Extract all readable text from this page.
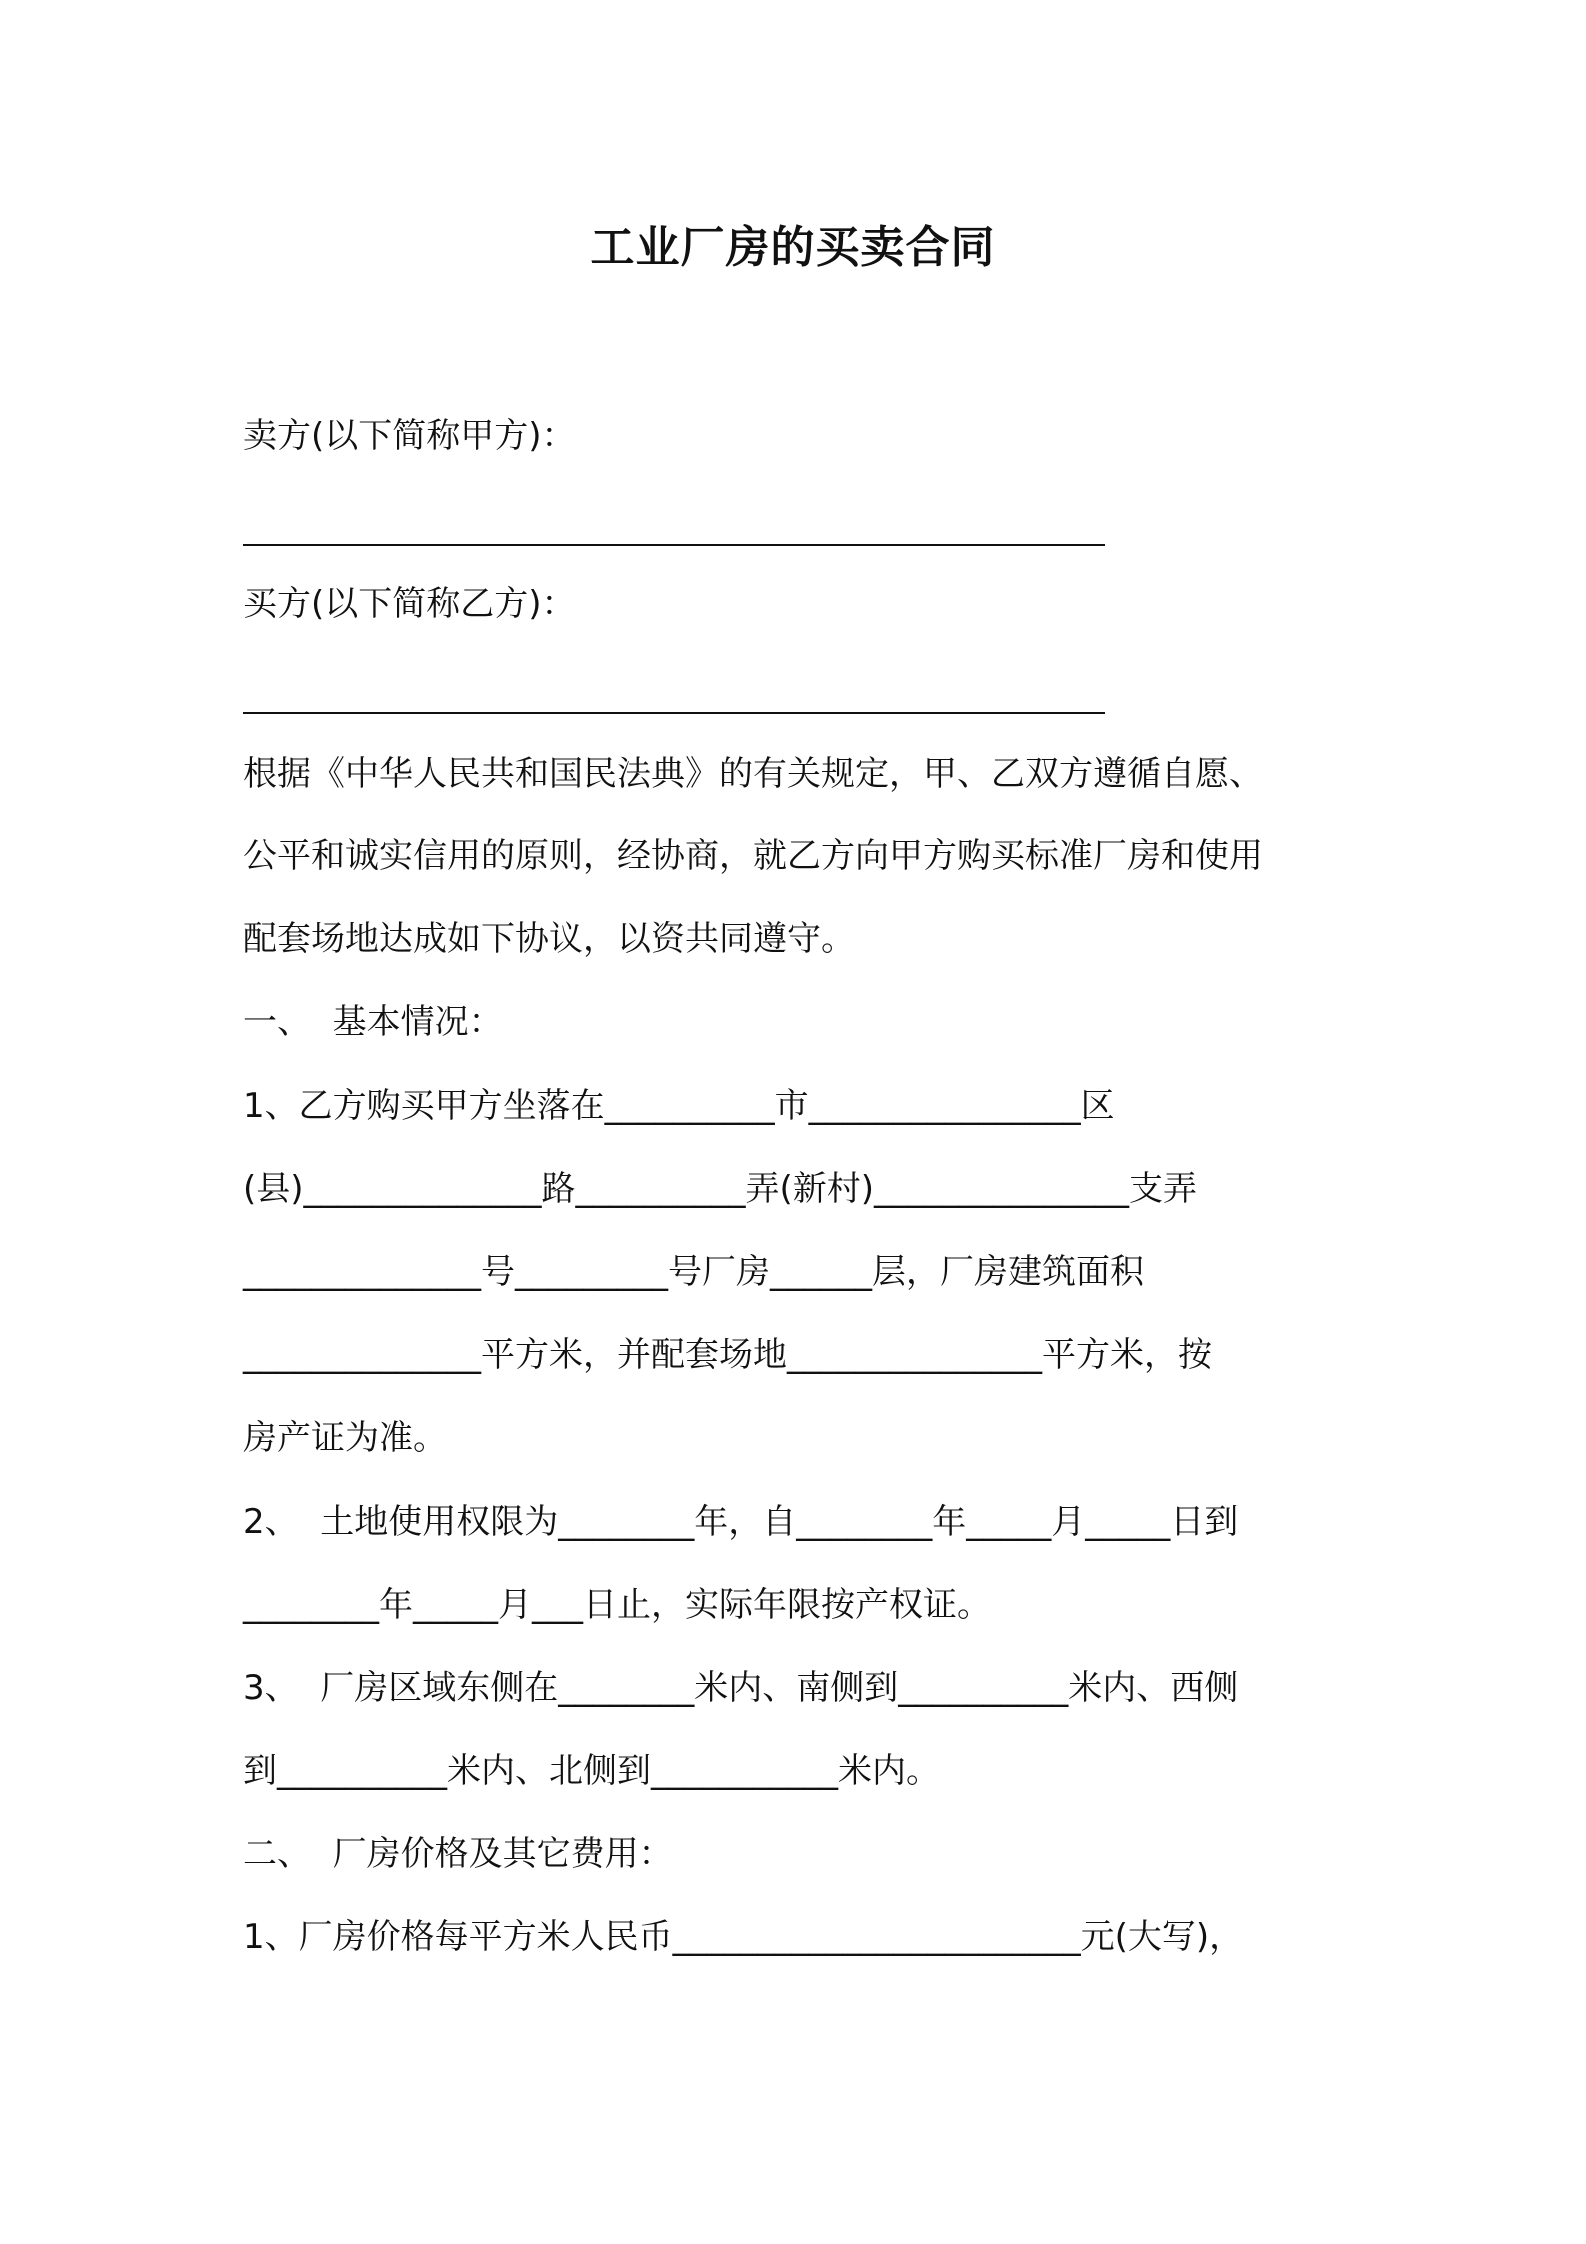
工业厂房的买卖合同

卖方(以下简称甲方)：

买方(以下简称乙方)：

根据《中华人民共和国民法典》的有关规定，甲、乙双方遵循自愿、

公平和诚实信用的原则，经协商，就乙方向甲方购买标准厂房和使用

配套场地达成如下协议，以资共同遵守。

一、  基本情况：

1、乙方购买甲方坐落在__________市________________区

(县)______________路__________弄(新村)_______________支弄

______________号_________号厂房______层，厂房建筑面积

______________平方米，并配套场地_______________平方米，按

房产证为准。

2、  土地使用权限为________年，自________年_____月_____日到

________年_____月___日止，实际年限按产权证。

3、  厂房区域东侧在________米内、南侧到__________米内、西侧

到__________米内、北侧到___________米内。

二、  厂房价格及其它费用：

1、厂房价格每平方米人民币________________________元(大写)，
